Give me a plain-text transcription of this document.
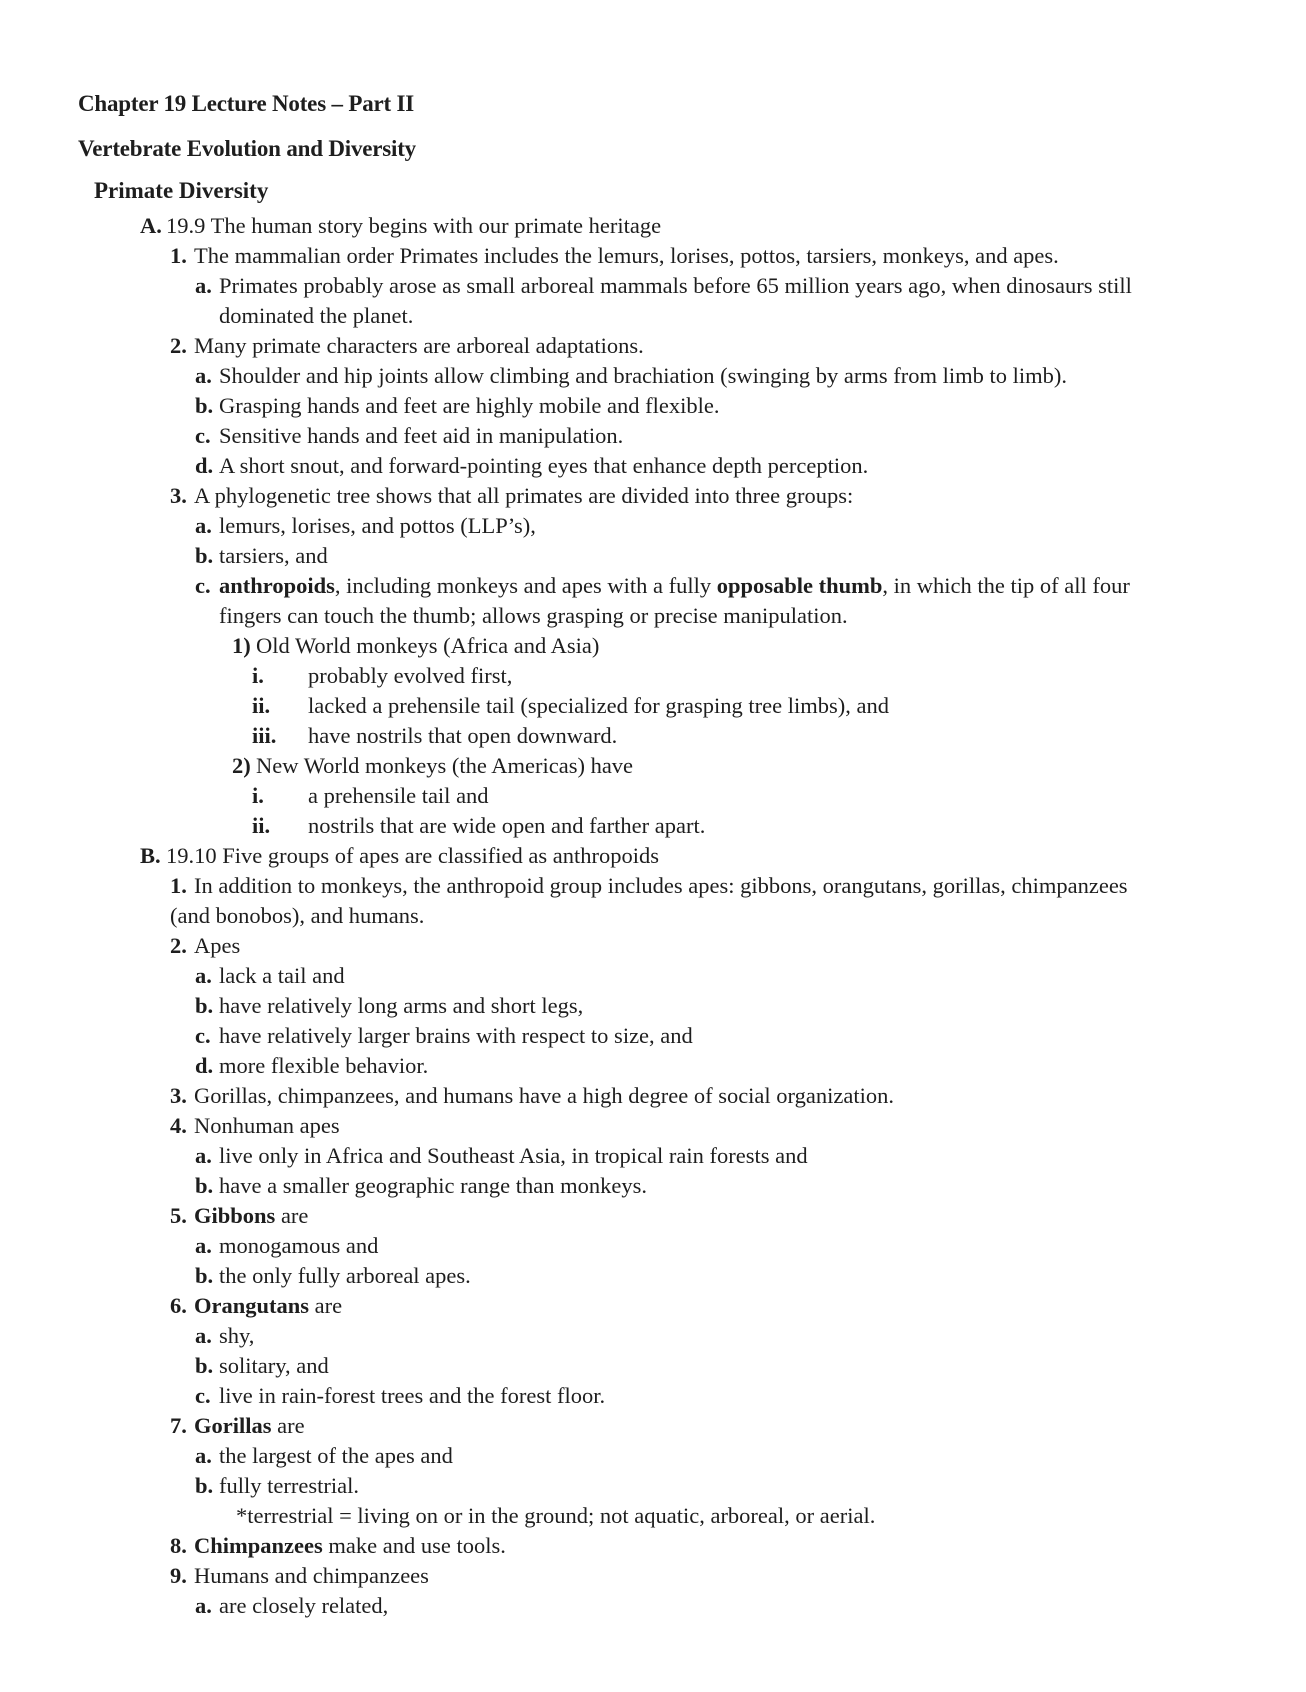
Chapter 19 Lecture Notes – Part II
Vertebrate Evolution and Diversity
Primate Diversity
A. 19.9 The human story begins with our primate heritage
1. The mammalian order Primates includes the lemurs, lorises, pottos, tarsiers, monkeys, and apes.
a. Primates probably arose as small arboreal mammals before 65 million years ago, when dinosaurs still dominated the planet.
2. Many primate characters are arboreal adaptations.
a. Shoulder and hip joints allow climbing and brachiation (swinging by arms from limb to limb).
b. Grasping hands and feet are highly mobile and flexible.
c. Sensitive hands and feet aid in manipulation.
d. A short snout, and forward-pointing eyes that enhance depth perception.
3. A phylogenetic tree shows that all primates are divided into three groups:
a. lemurs, lorises, and pottos (LLP’s),
b. tarsiers, and
c. anthropoids, including monkeys and apes with a fully opposable thumb, in which the tip of all four fingers can touch the thumb; allows grasping or precise manipulation.
1) Old World monkeys (Africa and Asia)
i. probably evolved first,
ii. lacked a prehensile tail (specialized for grasping tree limbs), and
iii. have nostrils that open downward.
2) New World monkeys (the Americas) have
i. a prehensile tail and
ii. nostrils that are wide open and farther apart.
B. 19.10 Five groups of apes are classified as anthropoids
1. In addition to monkeys, the anthropoid group includes apes: gibbons, orangutans, gorillas, chimpanzees (and bonobos), and humans.
2. Apes
a. lack a tail and
b. have relatively long arms and short legs,
c. have relatively larger brains with respect to size, and
d. more flexible behavior.
3. Gorillas, chimpanzees, and humans have a high degree of social organization.
4. Nonhuman apes
a. live only in Africa and Southeast Asia, in tropical rain forests and
b. have a smaller geographic range than monkeys.
5. Gibbons are
a. monogamous and
b. the only fully arboreal apes.
6. Orangutans are
a. shy,
b. solitary, and
c. live in rain-forest trees and the forest floor.
7. Gorillas are
a. the largest of the apes and
b. fully terrestrial.
*terrestrial = living on or in the ground; not aquatic, arboreal, or aerial.
8. Chimpanzees make and use tools.
9. Humans and chimpanzees
a. are closely related,
